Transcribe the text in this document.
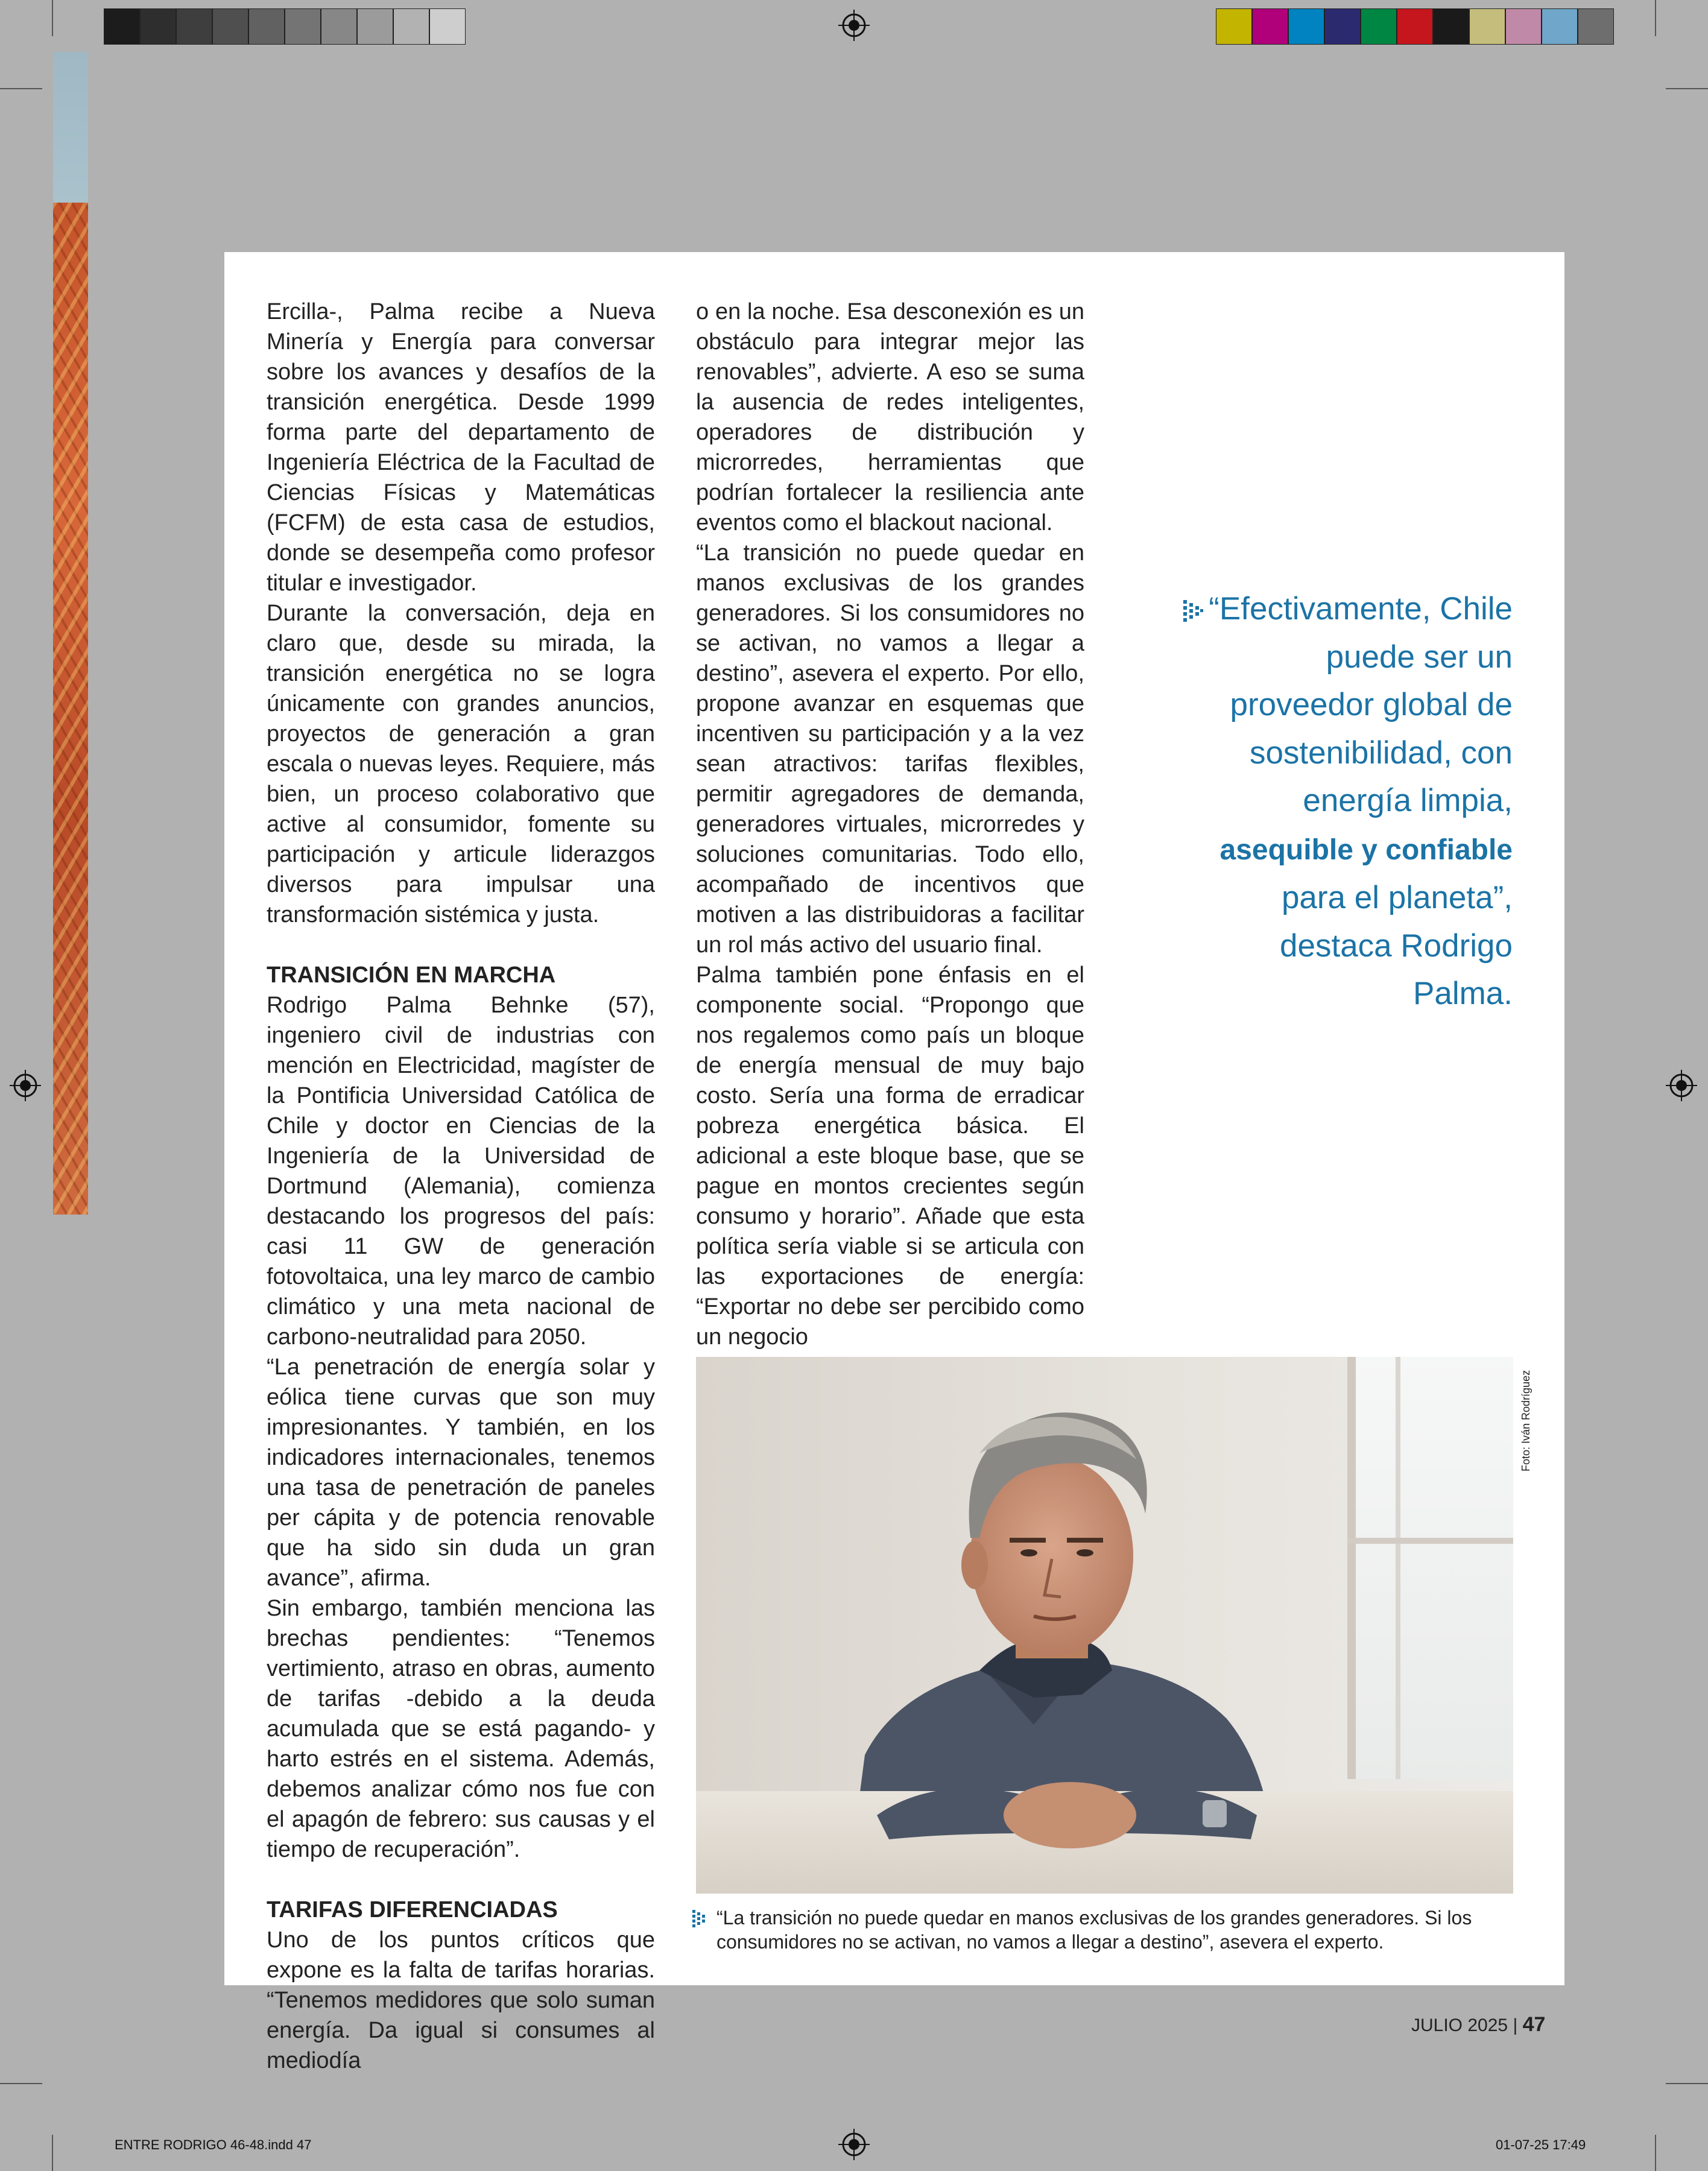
Ercilla-, Palma recibe a Nueva Minería y Energía para conversar sobre los avances y desafíos de la transición energética. Desde 1999 forma parte del departamento de Ingeniería Eléctrica de la Facultad de Ciencias Físicas y Matemáticas (FCFM) de esta casa de estudios, donde se desempeña como profesor titular e investigador.

Durante la conversación, deja en claro que, desde su mirada, la transición energética no se logra únicamente con grandes anuncios, proyectos de generación a gran escala o nuevas leyes. Requiere, más bien, un proceso colaborativo que active al consumidor, fomente su participación y articule liderazgos diversos para impulsar una transformación sistémica y justa.

TRANSICIÓN EN MARCHA

Rodrigo Palma Behnke (57), ingeniero civil de industrias con mención en Electricidad, magíster de la Pontificia Universidad Católica de Chile y doctor en Ciencias de la Ingeniería de la Universidad de Dortmund (Alemania), comienza destacando los progresos del país: casi 11 GW de generación fotovoltaica, una ley marco de cambio climático y una meta nacional de carbono-neutralidad para 2050.

“La penetración de energía solar y eólica tiene curvas que son muy impresionantes. Y también, en los indicadores internacionales, tenemos una tasa de penetración de paneles per cápita y de potencia renovable que ha sido sin duda un gran avance”, afirma.

Sin embargo, también menciona las brechas pendientes: “Tenemos vertimiento, atraso en obras, aumento de tarifas -debido a la deuda acumulada que se está pagando- y harto estrés en el sistema. Además, debemos analizar cómo nos fue con el apagón de febrero: sus causas y el tiempo de recuperación”.

TARIFAS DIFERENCIADAS

Uno de los puntos críticos que expone es la falta de tarifas horarias. “Tenemos medidores que solo suman energía. Da igual si consumes al mediodía

o en la noche. Esa desconexión es un obstáculo para integrar mejor las renovables”, advierte. A eso se suma la ausencia de redes inteligentes, operadores de distribución y microrredes, herramientas que podrían fortalecer la resiliencia ante eventos como el blackout nacional.

“La transición no puede quedar en manos exclusivas de los grandes generadores. Si los consumidores no se activan, no vamos a llegar a destino”, asevera el experto. Por ello, propone avanzar en esquemas que incentiven su participación y a la vez sean atractivos: tarifas flexibles, permitir agregadores de demanda, generadores virtuales, microrredes y soluciones comunitarias. Todo ello, acompañado de incentivos que motiven a las distribuidoras a facilitar un rol más activo del usuario final.

Palma también pone énfasis en el componente social. “Propongo que nos regalemos como país un bloque de energía mensual de muy bajo costo. Sería una forma de erradicar pobreza energética básica. El adicional a este bloque base, que se pague en montos crecientes según consumo y horario”. Añade que esta política sería viable si se articula con las exportaciones de energía: “Exportar no debe ser percibido como un negocio

“Efectivamente, Chile puede ser un proveedor global de sostenibilidad, con energía limpia, asequible y confiable para el planeta”, destaca Rodrigo Palma.
Foto: Iván Rodríguez
“La transición no puede quedar en manos exclusivas de los grandes generadores. Si los consumidores no se activan, no vamos a llegar a destino”, asevera el experto.
JULIO 2025 | 47
ENTRE RODRIGO 46-48.indd 47	01-07-25 17:49
